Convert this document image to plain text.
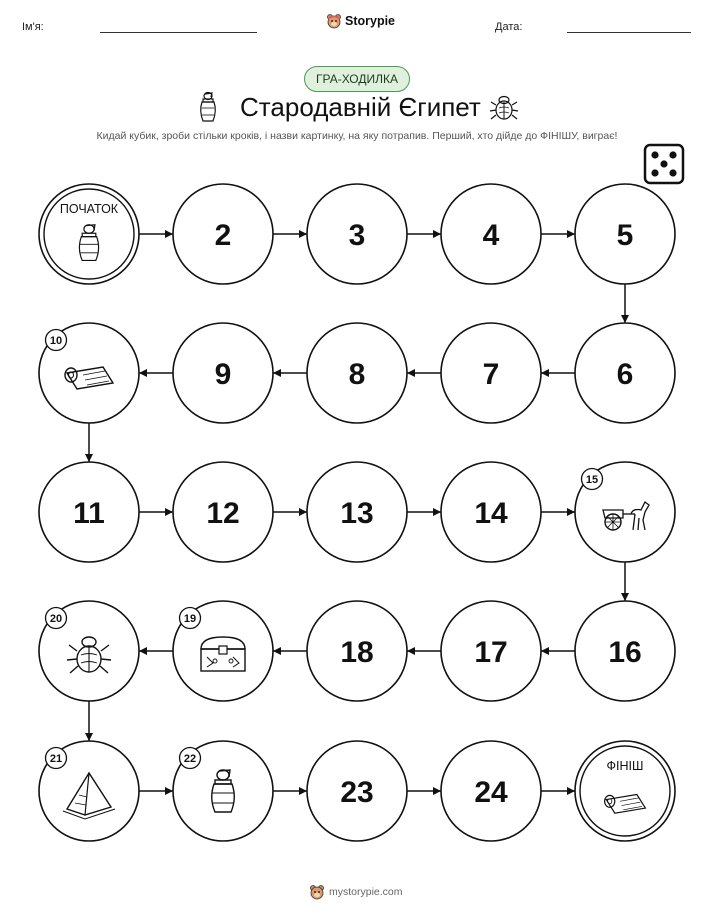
Ім'я:	Storypie	Дата:
ГРА-ХОДИЛКА
Стародавній Єгипет
Кидай кубик, зроби стільки кроків, і назви картинку, на яку потрапив. Перший, хто дійде до ФІНІШУ, виграє!
ПОЧАТОК
2	3	4	5
6
7
8
9
10
11	12	13	14
15
16
17
18
19
20
21	22
23	24
ФІНІШ
mystorypie.com
